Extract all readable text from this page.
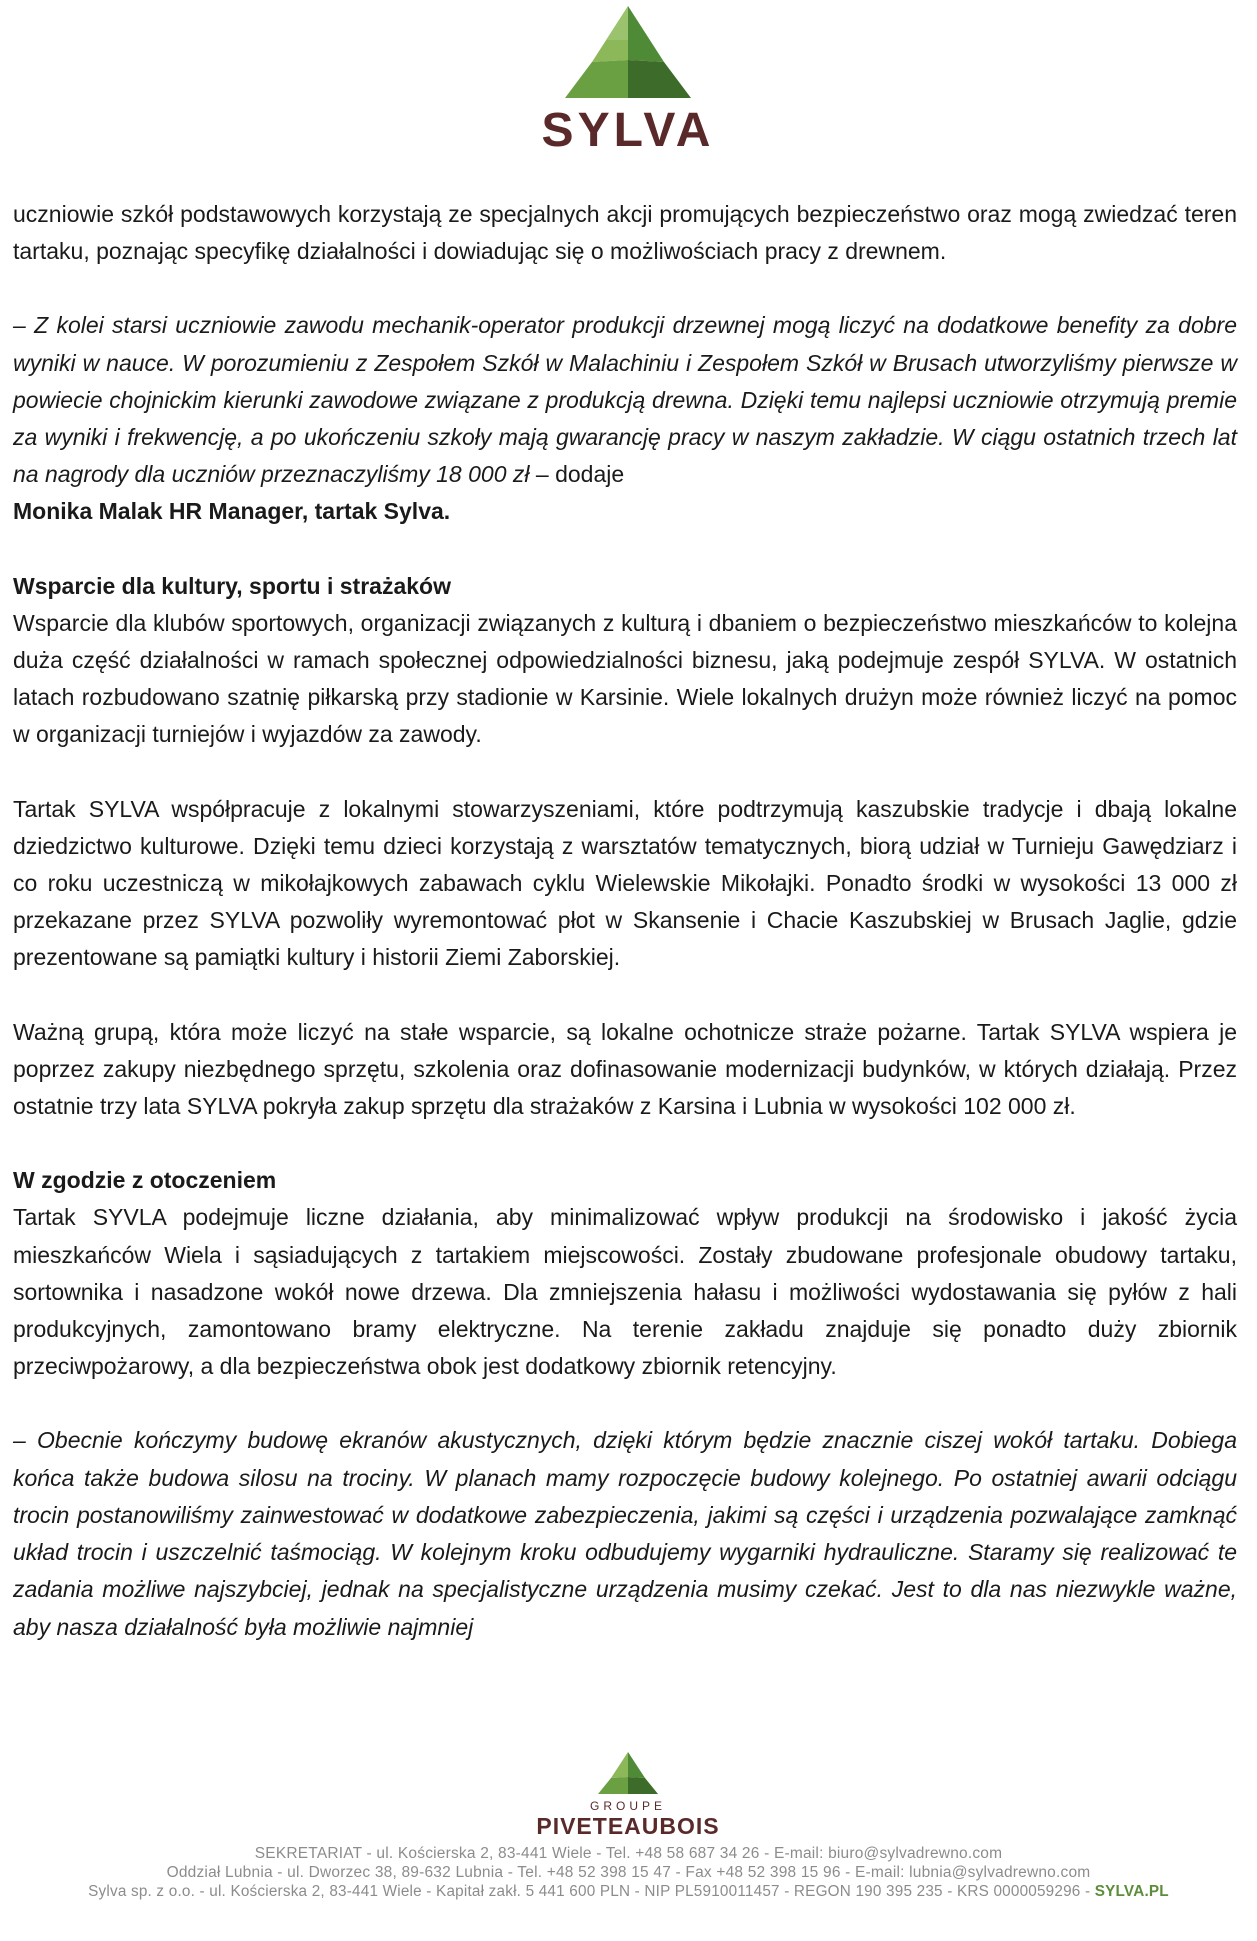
SYLVA

uczniowie szkół podstawowych korzystają ze specjalnych akcji promujących bezpieczeństwo oraz mogą zwiedzać teren tartaku, poznając specyfikę działalności i dowiadując się o możliwościach pracy z drewnem.

– Z kolei starsi uczniowie zawodu mechanik-operator produkcji drzewnej mogą liczyć na dodatkowe benefity za dobre wyniki w nauce. W porozumieniu z Zespołem Szkół w Malachiniu i Zespołem Szkół w Brusach utworzyliśmy pierwsze w powiecie chojnickim kierunki zawodowe związane z produkcją drewna. Dzięki temu najlepsi uczniowie otrzymują premie za wyniki i frekwencję, a po ukończeniu szkoły mają gwarancję pracy w naszym zakładzie. W ciągu ostatnich trzech lat na nagrody dla uczniów przeznaczyliśmy 18 000 zł – dodaje
Monika Malak HR Manager, tartak Sylva.

Wsparcie dla kultury, sportu i strażaków

Wsparcie dla klubów sportowych, organizacji związanych z kulturą i dbaniem o bezpieczeństwo mieszkańców to kolejna duża część działalności w ramach społecznej odpowiedzialności biznesu, jaką podejmuje zespół SYLVA. W ostatnich latach rozbudowano szatnię piłkarską przy stadionie w Karsinie. Wiele lokalnych drużyn może również liczyć na pomoc w organizacji turniejów i wyjazdów za zawody.

Tartak SYLVA współpracuje z lokalnymi stowarzyszeniami, które podtrzymują kaszubskie tradycje i dbają lokalne dziedzictwo kulturowe. Dzięki temu dzieci korzystają z warsztatów tematycznych, biorą udział w Turnieju Gawędziarz i co roku uczestniczą w mikołajkowych zabawach cyklu Wielewskie Mikołajki. Ponadto środki w wysokości 13 000 zł przekazane przez SYLVA pozwoliły wyremontować płot w Skansenie i Chacie Kaszubskiej w Brusach Jaglie, gdzie prezentowane są pamiątki kultury i historii Ziemi Zaborskiej.

Ważną grupą, która może liczyć na stałe wsparcie, są lokalne ochotnicze straże pożarne. Tartak SYLVA wspiera je poprzez zakupy niezbędnego sprzętu, szkolenia oraz dofinasowanie modernizacji budynków, w których działają. Przez ostatnie trzy lata SYLVA pokryła zakup sprzętu dla strażaków z Karsina i Lubnia w wysokości 102 000 zł.

W zgodzie z otoczeniem

Tartak SYVLA podejmuje liczne działania, aby minimalizować wpływ produkcji na środowisko i jakość życia mieszkańców Wiela i sąsiadujących z tartakiem miejscowości. Zostały zbudowane profesjonale obudowy tartaku, sortownika i nasadzone wokół nowe drzewa. Dla zmniejszenia hałasu i możliwości wydostawania się pyłów z hali produkcyjnych, zamontowano bramy elektryczne. Na terenie zakładu znajduje się ponadto duży zbiornik przeciwpożarowy, a dla bezpieczeństwa obok jest dodatkowy zbiornik retencyjny.

– Obecnie kończymy budowę ekranów akustycznych, dzięki którym będzie znacznie ciszej wokół tartaku. Dobiega końca także budowa silosu na trociny. W planach mamy rozpoczęcie budowy kolejnego. Po ostatniej awarii odciągu trocin postanowiliśmy zainwestować w dodatkowe zabezpieczenia, jakimi są części i urządzenia pozwalające zamknąć układ trocin i uszczelnić taśmociąg. W kolejnym kroku odbudujemy wygarniki hydrauliczne. Staramy się realizować te zadania możliwe najszybciej, jednak na specjalistyczne urządzenia musimy czekać. Jest to dla nas niezwykle ważne, aby nasza działalność była możliwie najmniej

GROUPE
PIVETEAUBOIS
SEKRETARIAT - ul. Kościerska 2, 83-441 Wiele - Tel. +48 58 687 34 26 - E-mail: biuro@sylvadrewno.com
Oddział Lubnia - ul. Dworzec 38, 89-632 Lubnia - Tel. +48 52 398 15 47 - Fax +48 52 398 15 96 - E-mail: lubnia@sylvadrewno.com
Sylva sp. z o.o. - ul. Kościerska 2, 83-441 Wiele - Kapitał zakł. 5 441 600 PLN - NIP PL5910011457 - REGON 190 395 235 - KRS 0000059296 - SYLVA.PL
